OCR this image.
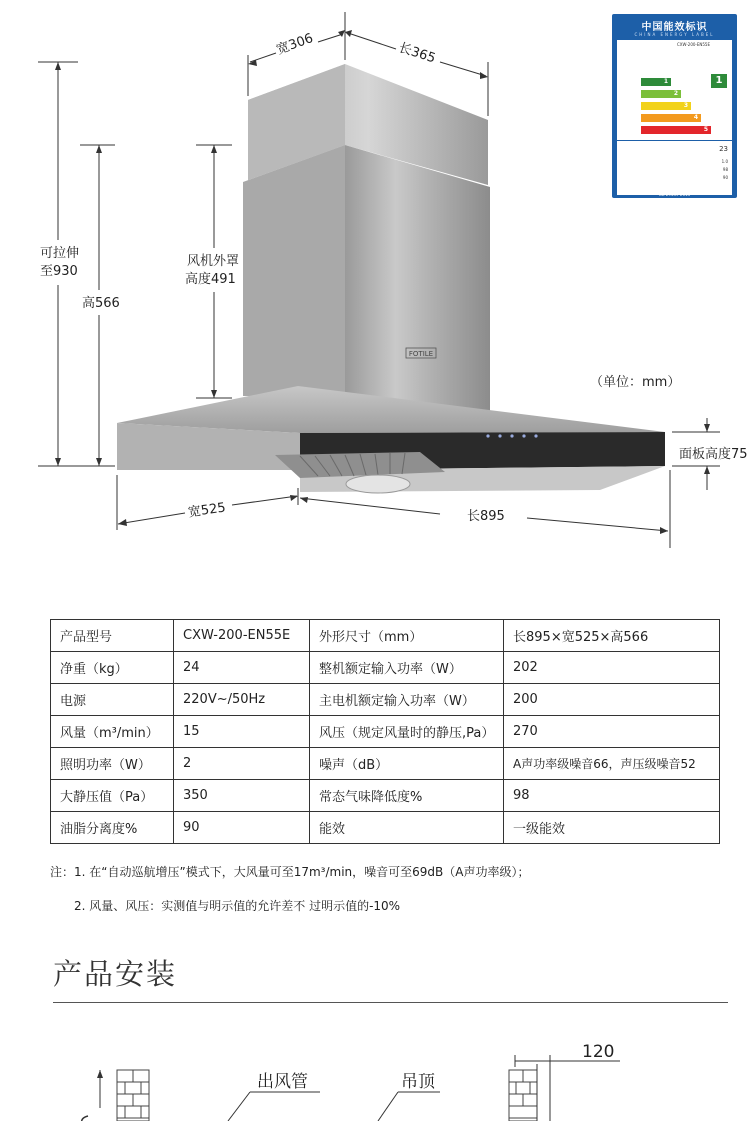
FOTILE
宽306	长365
可拉伸
至930
高566
风机外罩
高度491
（单位：mm）
面板高度75
宽525	长895
中国能效标识
CHINA ENERGY LABEL
CXW-200-EN55E
1
2
3
4
5
1
23
1.0
98
90
GB 29539-2013
产品型号	CXW-200-EN55E	外形尺寸（mm）	长895×宽525×高566
净重（kg）	24	整机额定输入功率（W）	202
电源	220V~/50Hz	主电机额定输入功率（W）	200
风量（m³/min）	15	风压（规定风量时的静压,Pa）	270
照明功率（W）	2	噪声（dB）	A声功率级噪音66，声压级噪音52
大静压值（Pa）	350	常态气味降低度%	98
油脂分离度%	90	能效	一级能效
注：1. 在“自动巡航增压”模式下，大风量可至17m³/min，噪音可至69dB（A声功率级）；
2. 风量、风压：实测值与明示值的允许差不 过明示值的-10%
产品安装
出风管	吊顶
120
